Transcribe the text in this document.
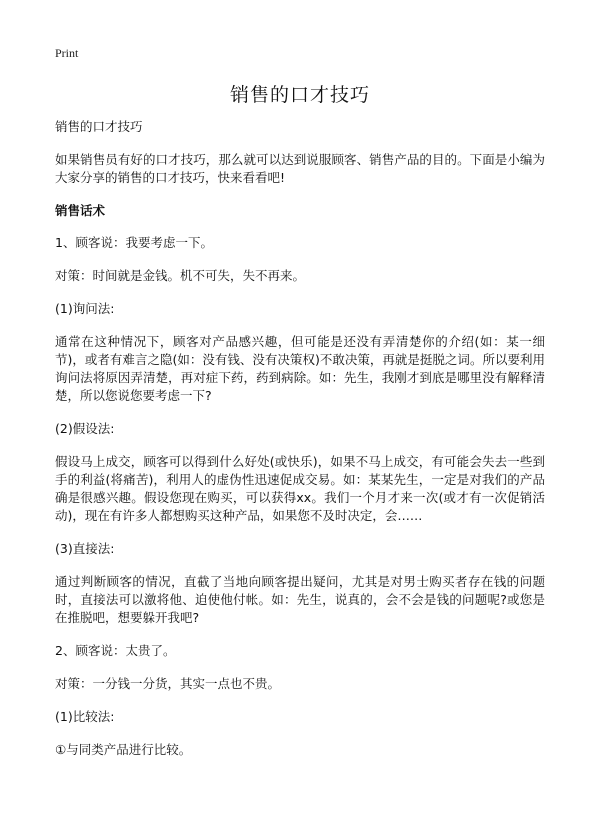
Print
销售的口才技巧

销售的口才技巧

如果销售员有好的口才技巧，那么就可以达到说服顾客、销售产品的目的。下面是小编为大家分享的销售的口才技巧，快来看看吧!

销售话术

1、顾客说：我要考虑一下。

对策：时间就是金钱。机不可失，失不再来。

(1)询问法:

通常在这种情况下，顾客对产品感兴趣，但可能是还没有弄清楚你的介绍(如：某一细节)，或者有难言之隐(如：没有钱、没有决策权)不敢决策，再就是挺脱之词。所以要利用询问法将原因弄清楚，再对症下药，药到病除。如：先生，我刚才到底是哪里没有解释清楚，所以您说您要考虑一下?

(2)假设法:

假设马上成交，顾客可以得到什么好处(或快乐)，如果不马上成交，有可能会失去一些到手的利益(将痛苦)，利用人的虚伪性迅速促成交易。如：某某先生，一定是对我们的产品确是很感兴趣。假设您现在购买，可以获得xx。我们一个月才来一次(或才有一次促销活动)，现在有许多人都想购买这种产品，如果您不及时决定，会……

(3)直接法:

通过判断顾客的情况，直截了当地向顾客提出疑问，尤其是对男士购买者存在钱的问题时，直接法可以激将他、迫使他付帐。如：先生，说真的，会不会是钱的问题呢?或您是在推脱吧，想要躲开我吧?

2、顾客说：太贵了。

对策：一分钱一分货，其实一点也不贵。

(1)比较法:

①与同类产品进行比较。
